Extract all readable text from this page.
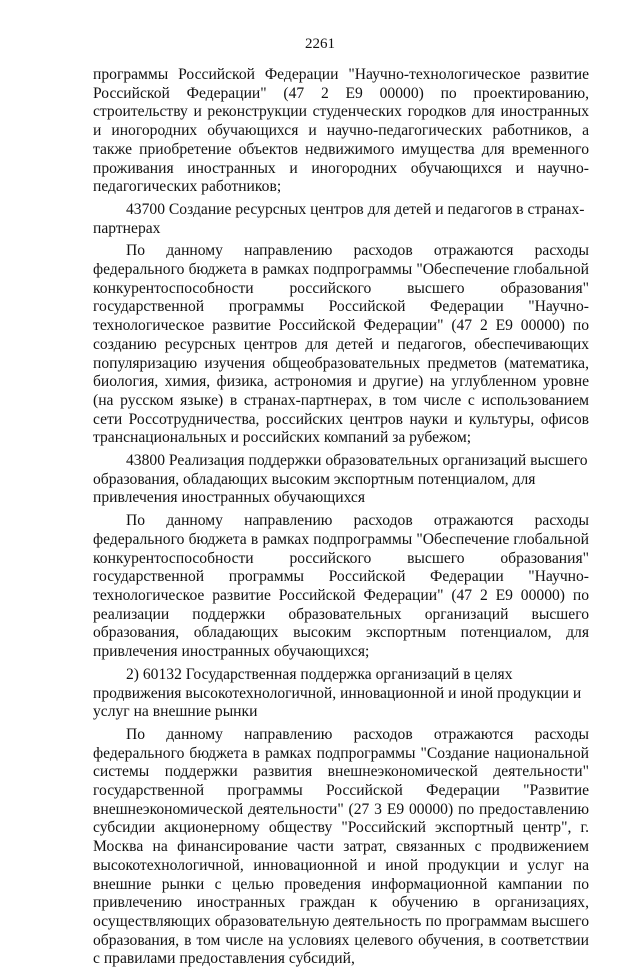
2261

программы Российской Федерации "Научно-технологическое развитие Российской Федерации" (47 2 Е9 00000) по проектированию, строительству и реконструкции студенческих городков для иностранных и иногородних обучающихся и научно-педагогических работников, а также приобретение объектов недвижимого имущества для временного проживания иностранных и иногородних обучающихся и научно-педагогических работников;

43700 Создание ресурсных центров для детей и педагогов в странах-партнерах

По данному направлению расходов отражаются расходы федерального бюджета в рамках подпрограммы "Обеспечение глобальной конкурентоспособности российского высшего образования" государственной программы Российской Федерации "Научно-технологическое развитие Российской Федерации" (47 2 Е9 00000) по созданию ресурсных центров для детей и педагогов, обеспечивающих популяризацию изучения общеобразовательных предметов (математика, биология, химия, физика, астрономия и другие) на углубленном уровне (на русском языке) в странах-партнерах, в том числе с использованием сети Россотрудничества, российских центров науки и культуры, офисов транснациональных и российских компаний за рубежом;

43800 Реализация поддержки образовательных организаций высшего образования, обладающих высоким экспортным потенциалом, для привлечения иностранных обучающихся

По данному направлению расходов отражаются расходы федерального бюджета в рамках подпрограммы "Обеспечение глобальной конкурентоспособности российского высшего образования" государственной программы Российской Федерации "Научно-технологическое развитие Российской Федерации" (47 2 Е9 00000) по реализации поддержки образовательных организаций высшего образования, обладающих высоким экспортным потенциалом, для привлечения иностранных обучающихся;

2) 60132 Государственная поддержка организаций в целях продвижения высокотехнологичной, инновационной и иной продукции и услуг на внешние рынки

По данному направлению расходов отражаются расходы федерального бюджета в рамках подпрограммы "Создание национальной системы поддержки развития внешнеэкономической деятельности" государственной программы Российской Федерации "Развитие внешнеэкономической деятельности" (27 3 Е9 00000) по предоставлению субсидии акционерному обществу "Российский экспортный центр", г. Москва на финансирование части затрат, связанных с продвижением высокотехнологичной, инновационной и иной продукции и услуг на внешние рынки с целью проведения информационной кампании по привлечению иностранных граждан к обучению в организациях, осуществляющих образовательную деятельность по программам высшего образования, в том числе на условиях целевого обучения, в соответствии с правилами предоставления субсидий,
